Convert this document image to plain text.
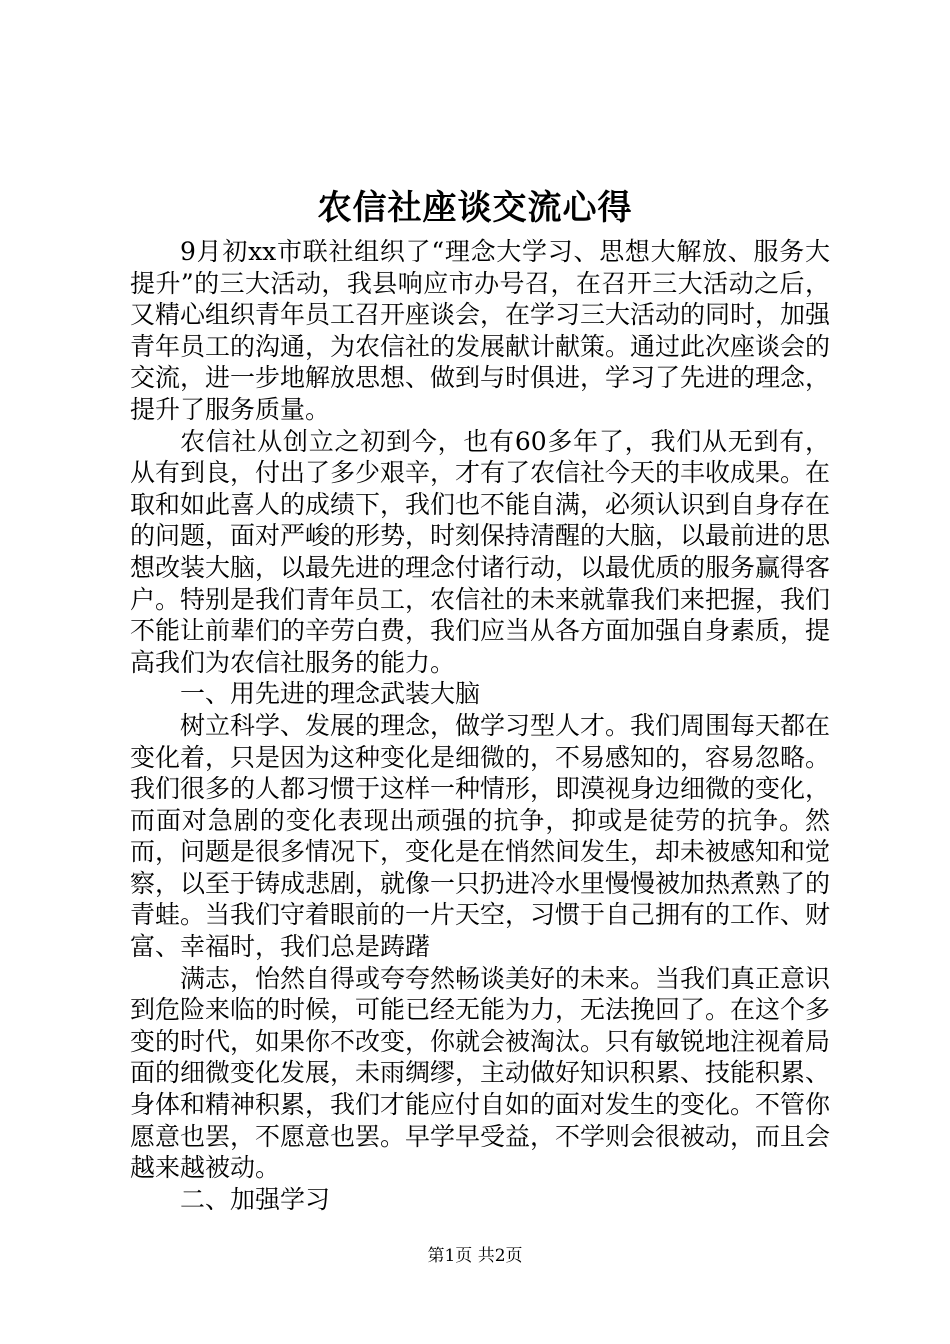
农信社座谈交流心得

9月初xx市联社组织了“理念大学习、思想大解放、服务大提升”的三大活动，我县响应市办号召，在召开三大活动之后，又精心组织青年员工召开座谈会，在学习三大活动的同时，加强青年员工的沟通，为农信社的发展献计献策。通过此次座谈会的交流，进一步地解放思想、做到与时俱进，学习了先进的理念，提升了服务质量。

农信社从创立之初到今，也有60多年了，我们从无到有，从有到良，付出了多少艰辛，才有了农信社今天的丰收成果。在取和如此喜人的成绩下，我们也不能自满，必须认识到自身存在的问题，面对严峻的形势，时刻保持清醒的大脑，以最前进的思想改装大脑，以最先进的理念付诸行动，以最优质的服务赢得客户。特别是我们青年员工，农信社的未来就靠我们来把握，我们不能让前辈们的辛劳白费，我们应当从各方面加强自身素质，提高我们为农信社服务的能力。

一、用先进的理念武装大脑

树立科学、发展的理念，做学习型人才。我们周围每天都在变化着，只是因为这种变化是细微的，不易感知的，容易忽略。我们很多的人都习惯于这样一种情形，即漠视身边细微的变化，而面对急剧的变化表现出顽强的抗争，抑或是徒劳的抗争。然而，问题是很多情况下，变化是在悄然间发生，却未被感知和觉察，以至于铸成悲剧，就像一只扔进冷水里慢慢被加热煮熟了的青蛙。当我们守着眼前的一片天空，习惯于自己拥有的工作、财富、幸福时，我们总是踌躇

满志，怡然自得或夸夸然畅谈美好的未来。当我们真正意识到危险来临的时候，可能已经无能为力，无法挽回了。在这个多变的时代，如果你不改变，你就会被淘汰。只有敏锐地注视着局面的细微变化发展，未雨绸缪，主动做好知识积累、技能积累、身体和精神积累，我们才能应付自如的面对发生的变化。不管你愿意也罢，不愿意也罢。早学早受益，不学则会很被动，而且会越来越被动。

二、加强学习

第1页 共2页
